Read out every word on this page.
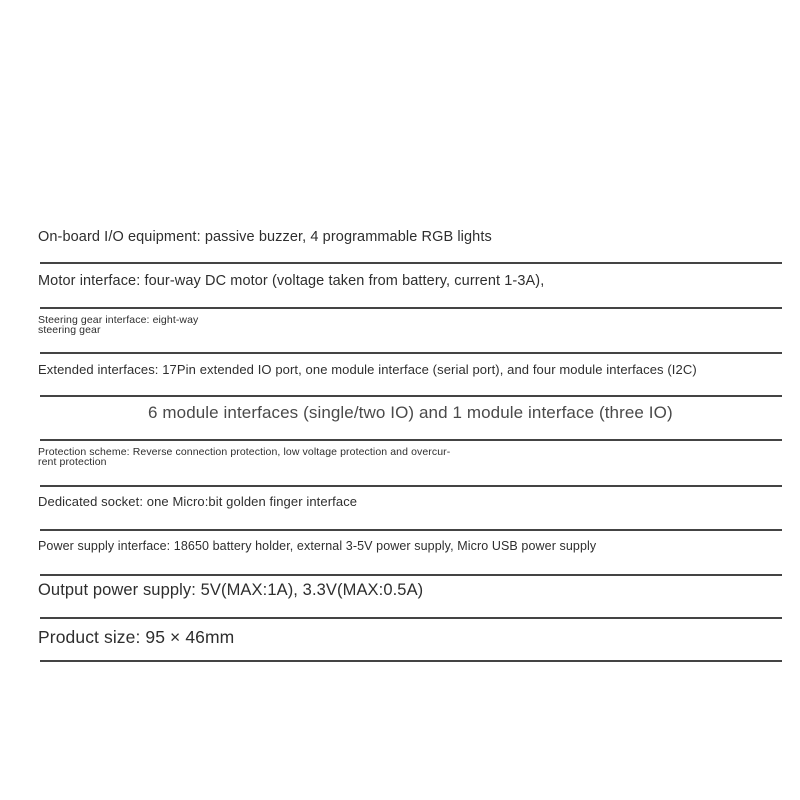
On-board I/O equipment: passive buzzer, 4 programmable RGB lights
Motor interface: four-way DC motor (voltage taken from battery, current 1-3A),
Steering gear interface: eight-way
steering gear
Extended interfaces: 17Pin extended IO port, one module interface (serial port), and four module interfaces (I2C)
6 module interfaces (single/two IO) and 1 module interface (three IO)
Protection scheme: Reverse connection protection, low voltage protection and overcur-
rent protection
Dedicated socket: one Micro:bit golden finger interface
Power supply interface: 18650 battery holder, external 3-5V power supply, Micro USB power supply
Output power supply: 5V(MAX:1A), 3.3V(MAX:0.5A)
Product size: 95 × 46mm
